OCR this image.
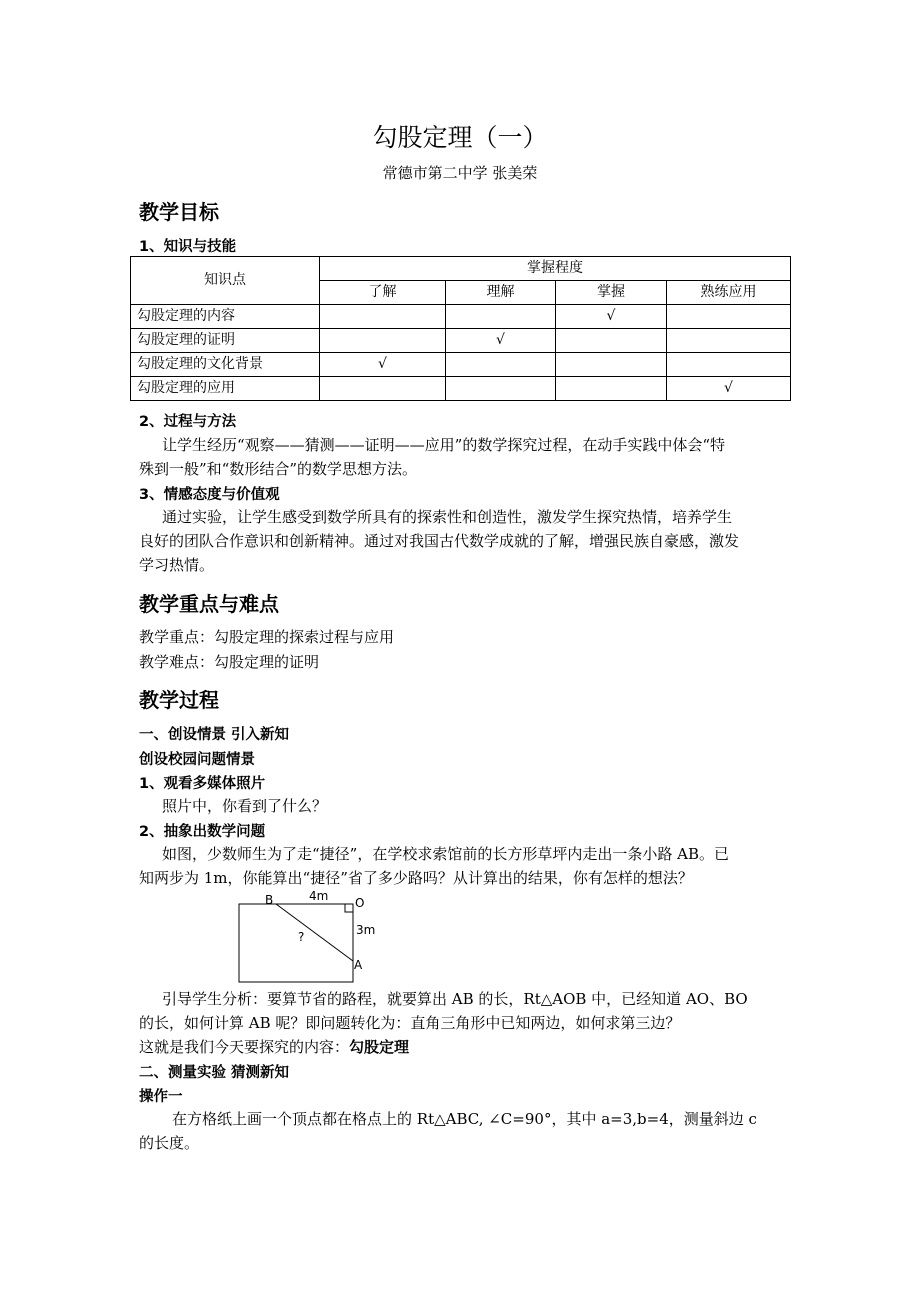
勾股定理（一）
常德市第二中学 张美荣
教学目标
1、知识与技能
知识点	掌握程度			
	了解	理解	掌握	熟练应用
勾股定理的内容			√	
勾股定理的证明		√		
勾股定理的文化背景	√			
勾股定理的应用				√
2、过程与方法
让学生经历“观察——猜测——证明——应用”的数学探究过程，在动手实践中体会“特
殊到一般”和“数形结合”的数学思想方法。
3、情感态度与价值观
通过实验，让学生感受到数学所具有的探索性和创造性，激发学生探究热情，培养学生
良好的团队合作意识和创新精神。通过对我国古代数学成就的了解，增强民族自豪感，激发
学习热情。
教学重点与难点
教学重点：勾股定理的探索过程与应用
教学难点：勾股定理的证明
教学过程
一、创设情景 引入新知
创设校园问题情景
1、观看多媒体照片
照片中，你看到了什么？
2、抽象出数学问题
如图，少数师生为了走“捷径”，在学校求索馆前的长方形草坪内走出一条小路 AB。已
知两步为 1m，你能算出“捷径”省了多少路吗？从计算出的结果，你有怎样的想法？
B	O
A
4m
3m
?
引导学生分析：要算节省的路程，就要算出 AB 的长，Rt△AOB 中，已经知道 AO、BO
的长，如何计算 AB 呢？即问题转化为：直角三角形中已知两边，如何求第三边？
这就是我们今天要探究的内容：勾股定理
二、测量实验 猜测新知
操作一
在方格纸上画一个顶点都在格点上的 Rt△ABC, ∠C=90°，其中 a=3,b=4，测量斜边 c
的长度。
